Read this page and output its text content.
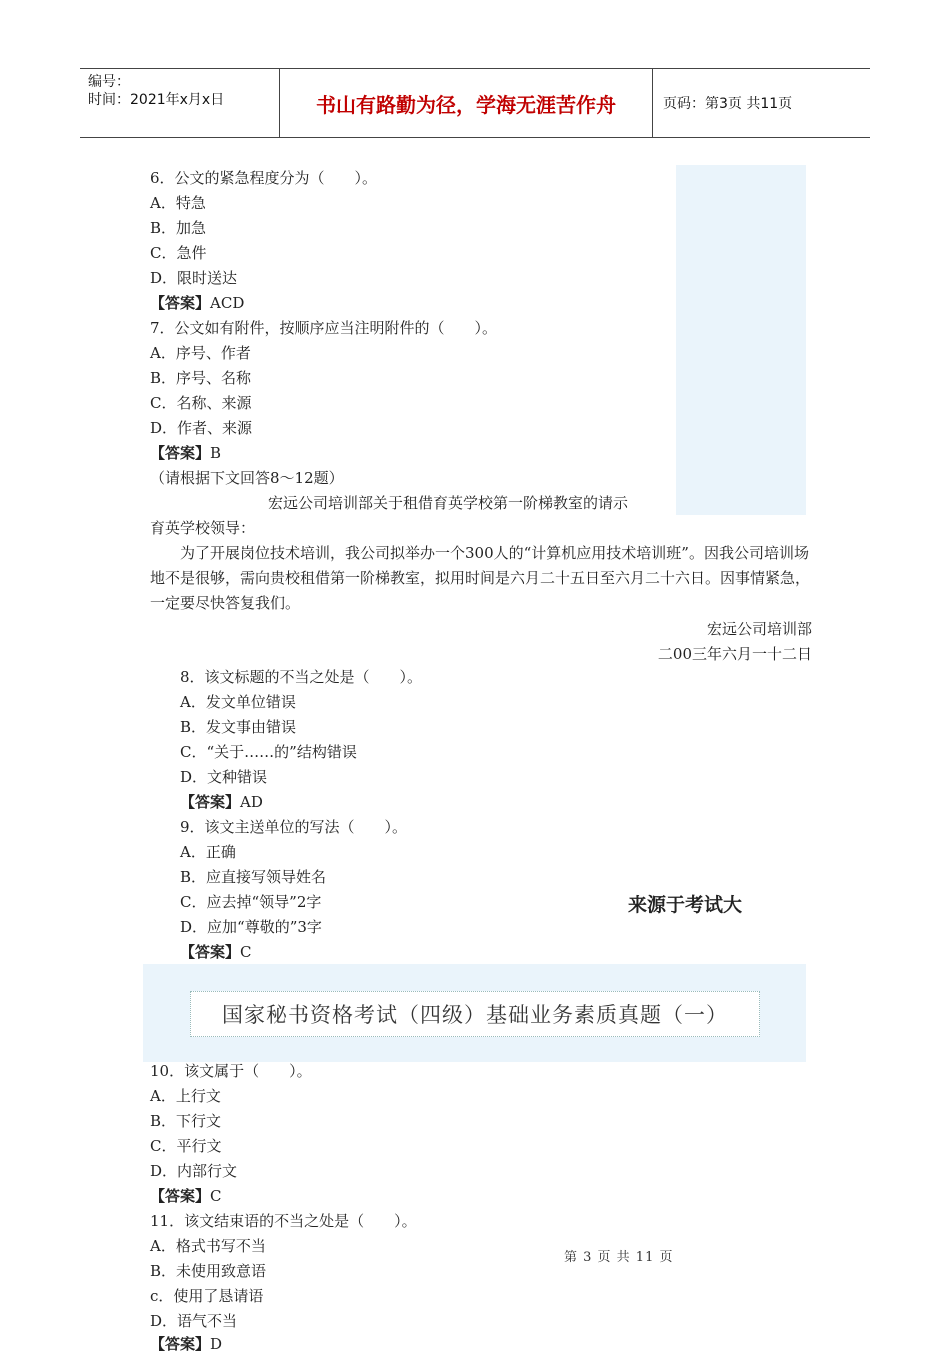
编号：
时间：2021年x月x日	书山有路勤为径，学海无涯苦作舟	页码：第3页 共11页
6．公文的紧急程度分为（　　）。
A．特急
B．加急
C．急件
D．限时送达
【答案】ACD
7．公文如有附件，按顺序应当注明附件的（　　）。
A．序号、作者
B．序号、名称
C．名称、来源
D．作者、来源
【答案】B
（请根据下文回答8～12题）
宏远公司培训部关于租借育英学校第一阶梯教室的请示
育英学校领导：
为了开展岗位技术培训，我公司拟举办一个300人的“计算机应用技术培训班”。因我公司培训场地不是很够，需向贵校租借第一阶梯教室，拟用时间是六月二十五日至六月二十六日。因事情紧急，一定要尽快答复我们。
宏远公司培训部
二00三年六月一十二日
8．该文标题的不当之处是（　　）。
A．发文单位错误
B．发文事由错误
C．“关于……的”结构错误
D．文种错误
【答案】AD
9．该文主送单位的写法（　　）。
A．正确
B．应直接写领导姓名
C．应去掉“领导”2字
D．应加“尊敬的”3字
【答案】C
来源于考试大
国家秘书资格考试（四级）基础业务素质真题（一）
10．该文属于（　　）。
A．上行文
B．下行文
C．平行文
D．内部行文
【答案】C
11．该文结束语的不当之处是（　　）。
A．格式书写不当
B．未使用致意语
c．使用了恳请语
D．语气不当
【答案】D
第 3 页 共 11 页
